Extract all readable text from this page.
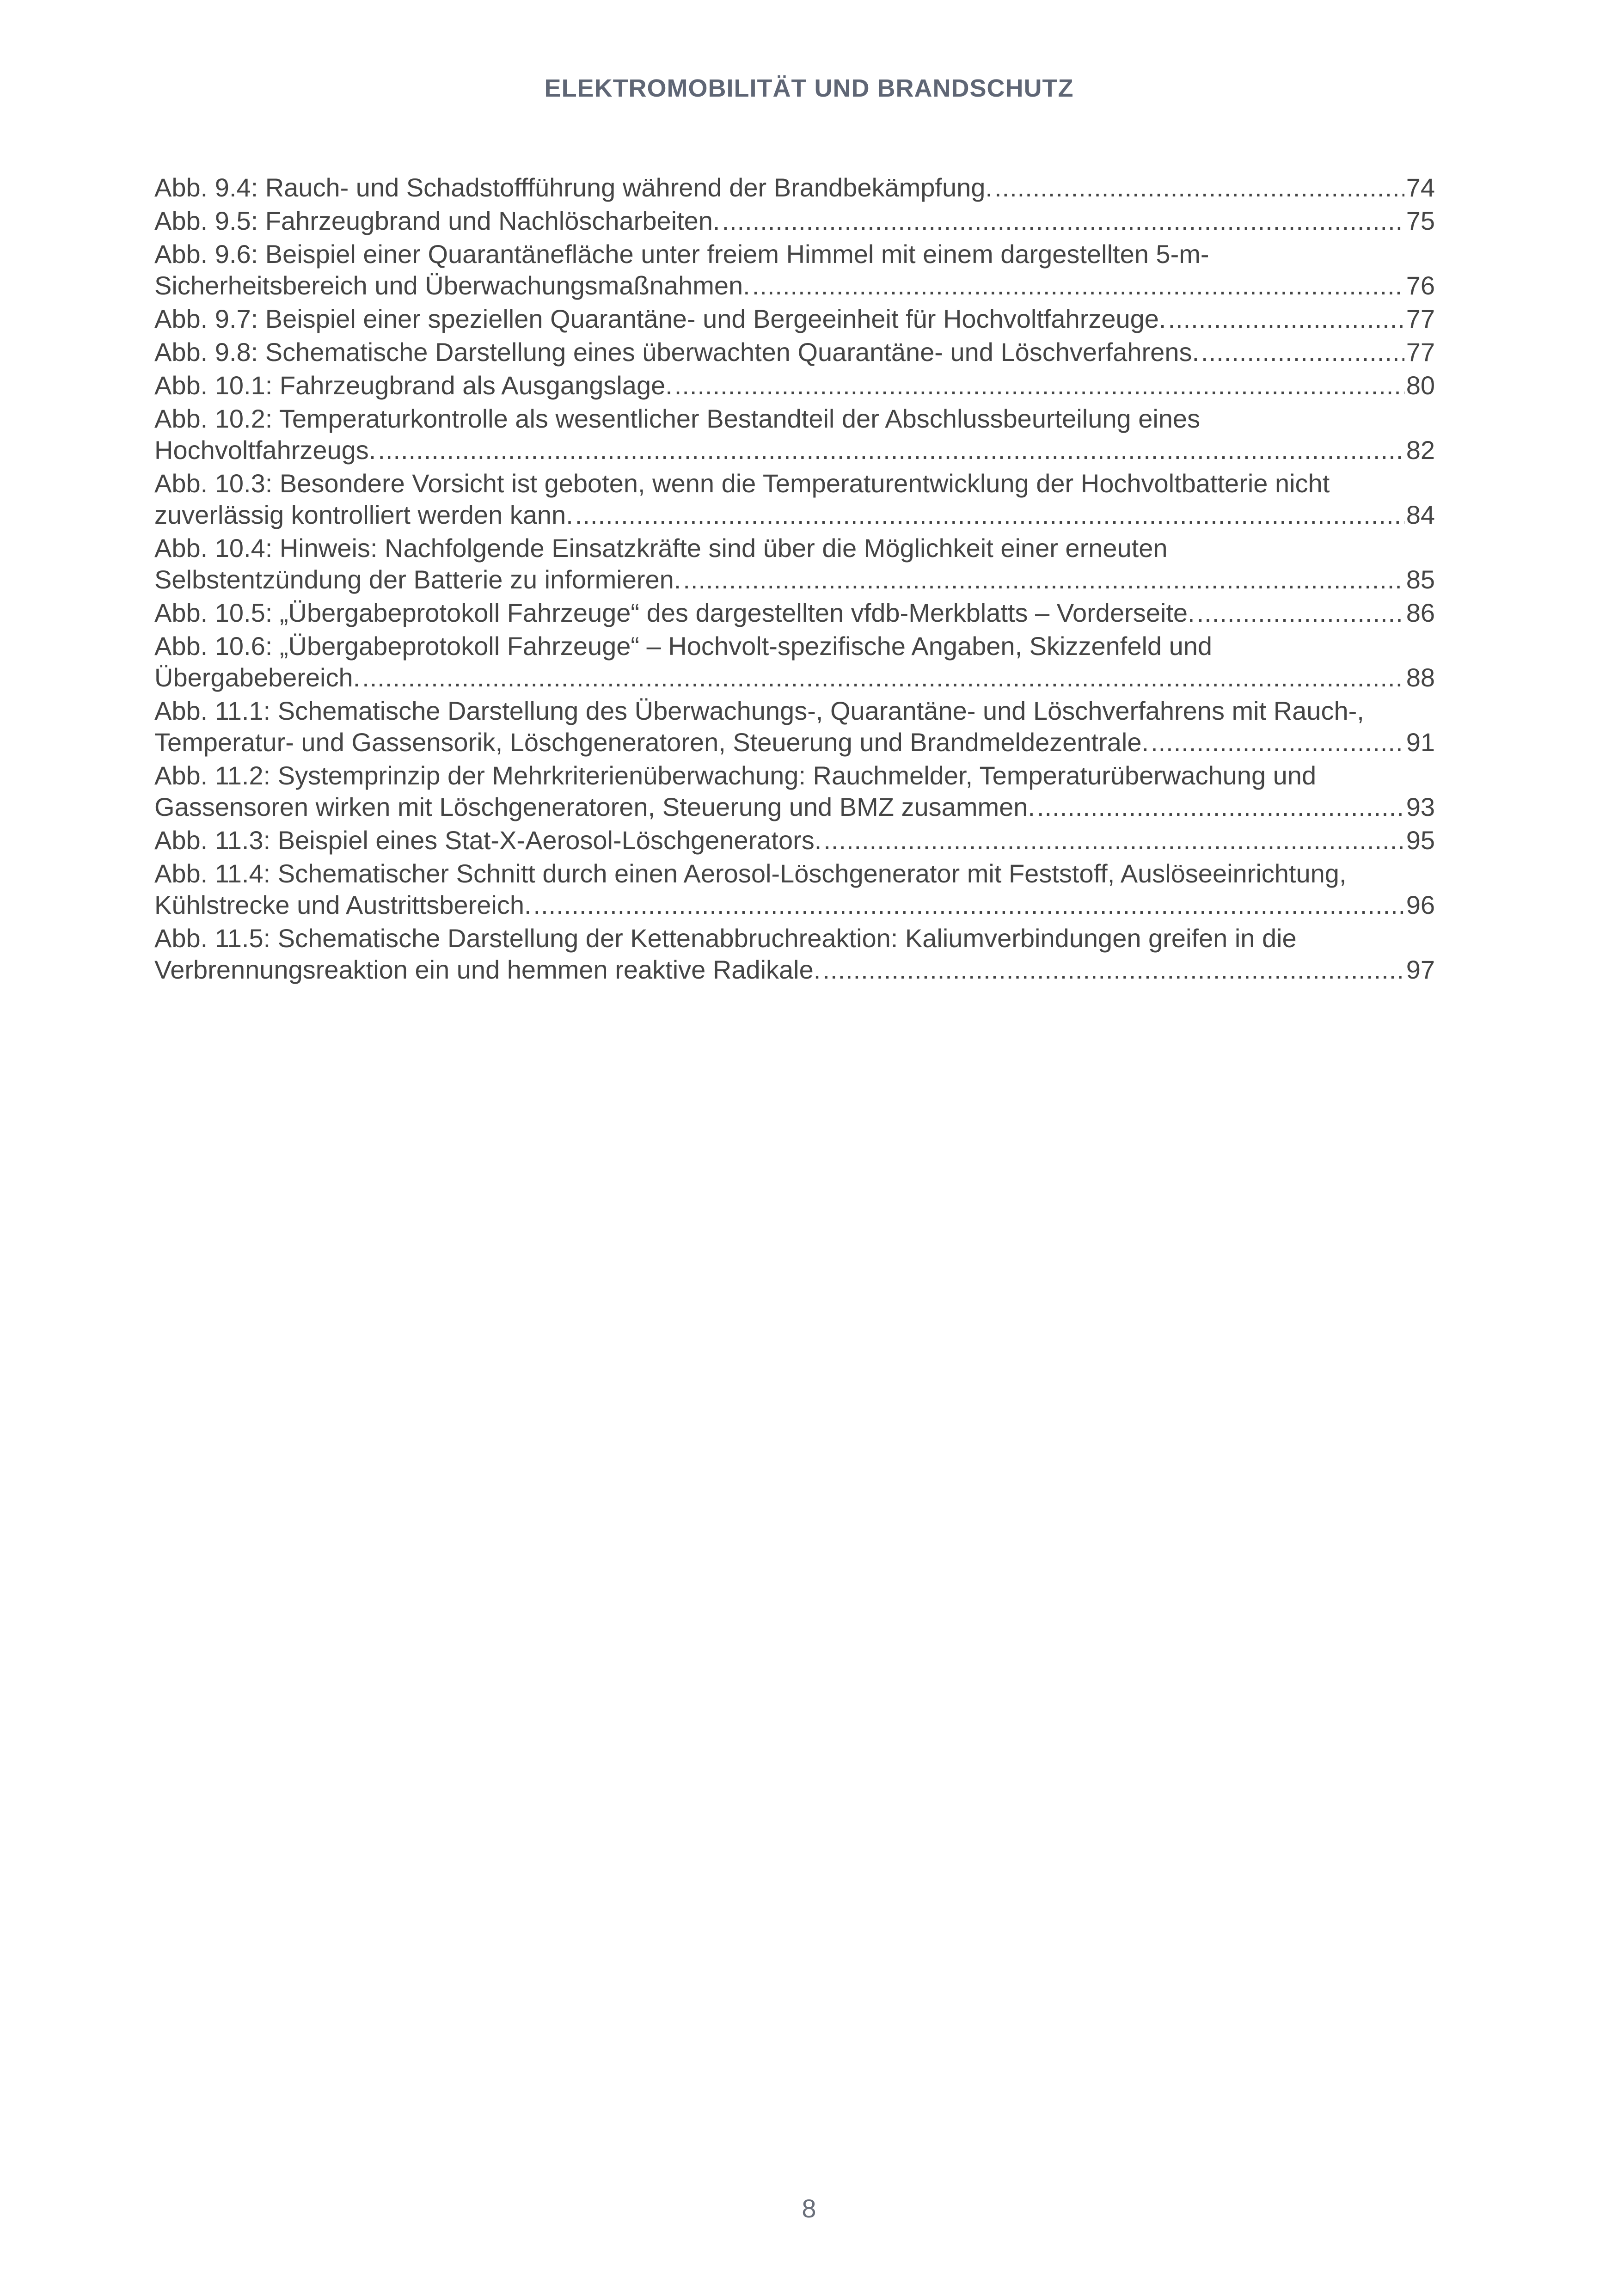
ELEKTROMOBILITÄT UND BRANDSCHUTZ
Abb. 9.4: Rauch- und Schadstoffführung während der Brandbekämpfung. .....	74
Abb. 9.5: Fahrzeugbrand und Nachlöscharbeiten. .....	75
Abb. 9.6: Beispiel einer Quarantänefläche unter freiem Himmel mit einem dargestellten 5-m-
Sicherheitsbereich und Überwachungsmaßnahmen. .....	76
Abb. 9.7: Beispiel einer speziellen Quarantäne- und Bergeeinheit für Hochvoltfahrzeuge. .....	77
Abb. 9.8: Schematische Darstellung eines überwachten Quarantäne- und Löschverfahrens. .....	77
Abb. 10.1: Fahrzeugbrand als Ausgangslage. .....	80
Abb. 10.2: Temperaturkontrolle als wesentlicher Bestandteil der Abschlussbeurteilung eines
Hochvoltfahrzeugs. .....	82
Abb. 10.3: Besondere Vorsicht ist geboten, wenn die Temperaturentwicklung der Hochvoltbatterie nicht
zuverlässig kontrolliert werden kann. .....	84
Abb. 10.4: Hinweis: Nachfolgende Einsatzkräfte sind über die Möglichkeit einer erneuten
Selbstentzündung der Batterie zu informieren. .....	85
Abb. 10.5: „Übergabeprotokoll Fahrzeuge“ des dargestellten vfdb-Merkblatts – Vorderseite. .....	86
Abb. 10.6: „Übergabeprotokoll Fahrzeuge“ – Hochvolt-spezifische Angaben, Skizzenfeld und
Übergabebereich. .....	88
Abb. 11.1: Schematische Darstellung des Überwachungs-, Quarantäne- und Löschverfahrens mit Rauch-,
Temperatur- und Gassensorik, Löschgeneratoren, Steuerung und Brandmeldezentrale. .....	91
Abb. 11.2: Systemprinzip der Mehrkriterienüberwachung: Rauchmelder, Temperaturüberwachung und
Gassensoren wirken mit Löschgeneratoren, Steuerung und BMZ zusammen. .....	93
Abb. 11.3: Beispiel eines Stat-X-Aerosol-Löschgenerators. .....	95
Abb. 11.4: Schematischer Schnitt durch einen Aerosol-Löschgenerator mit Feststoff, Auslöseeinrichtung,
Kühlstrecke und Austrittsbereich. .....	96
Abb. 11.5: Schematische Darstellung der Kettenabbruchreaktion: Kaliumverbindungen greifen in die
Verbrennungsreaktion ein und hemmen reaktive Radikale. .....	97
8
